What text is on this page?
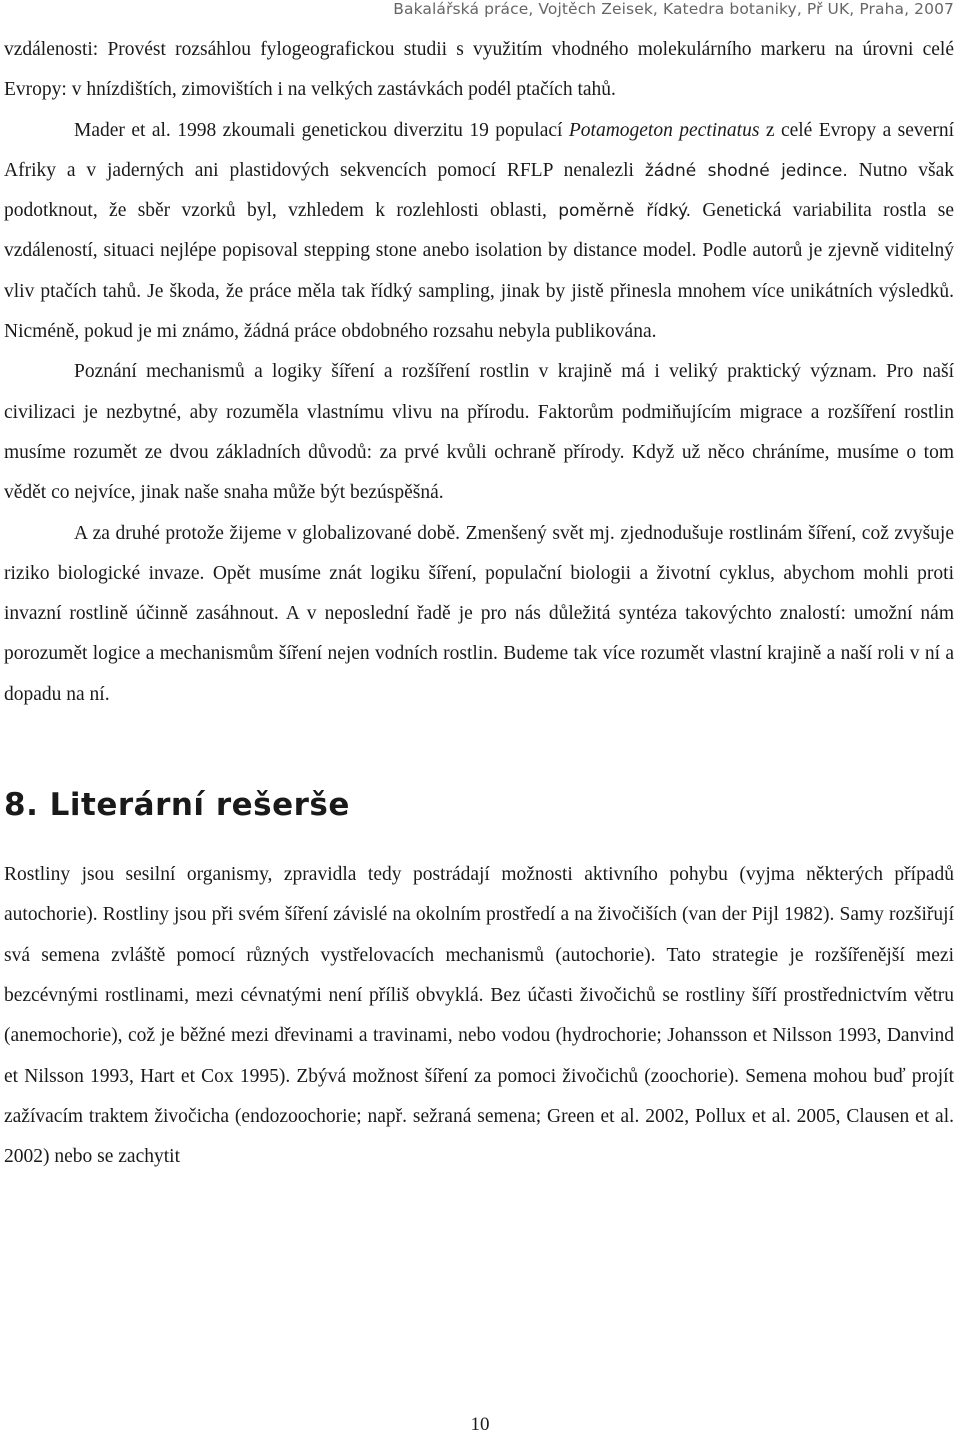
Bakalářská práce, Vojtěch Zeisek, Katedra botaniky, Př UK, Praha, 2007

vzdálenosti: Provést rozsáhlou fylogeografickou studii s využitím vhodného molekulárního markeru na úrovni celé Evropy: v hnízdištích, zimovištích i na velkých zastávkách podél ptačích tahů.

Mader et al. 1998 zkoumali genetickou diverzitu 19 populací Potamogeton pectinatus z celé Evropy a severní Afriky a v jaderných ani plastidových sekvencích pomocí RFLP nenalezli žádné shodné jedince. Nutno však podotknout, že sběr vzorků byl, vzhledem k rozlehlosti oblasti, poměrně řídký. Genetická variabilita rostla se vzdáleností, situaci nejlépe popisoval stepping stone anebo isolation by distance model. Podle autorů je zjevně viditelný vliv ptačích tahů. Je škoda, že práce měla tak řídký sampling, jinak by jistě přinesla mnohem více unikátních výsledků. Nicméně, pokud je mi známo, žádná práce obdobného rozsahu nebyla publikována.

Poznání mechanismů a logiky šíření a rozšíření rostlin v krajině má i veliký praktický význam. Pro naší civilizaci je nezbytné, aby rozuměla vlastnímu vlivu na přírodu. Faktorům podmiňujícím migrace a rozšíření rostlin musíme rozumět ze dvou základních důvodů: za prvé kvůli ochraně přírody. Když už něco chráníme, musíme o tom vědět co nejvíce, jinak naše snaha může být bezúspěšná.

A za druhé protože žijeme v globalizované době. Zmenšený svět mj. zjednodušuje rostlinám šíření, což zvyšuje riziko biologické invaze. Opět musíme znát logiku šíření, populační biologii a životní cyklus, abychom mohli proti invazní rostlině účinně zasáhnout. A v neposlední řadě je pro nás důležitá syntéza takovýchto znalostí: umožní nám porozumět logice a mechanismům šíření nejen vodních rostlin. Budeme tak více rozumět vlastní krajině a naší roli v ní a dopadu na ní.

8. Literární rešerše

Rostliny jsou sesilní organismy, zpravidla tedy postrádají možnosti aktivního pohybu (vyjma některých případů autochorie). Rostliny jsou při svém šíření závislé na okolním prostředí a na živočiších (van der Pijl 1982). Samy rozšiřují svá semena zvláště pomocí různých vystřelovacích mechanismů (autochorie). Tato strategie je rozšířenější mezi bezcévnými rostlinami, mezi cévnatými není příliš obvyklá. Bez účasti živočichů se rostliny šíří prostřednictvím větru (anemochorie), což je běžné mezi dřevinami a travinami, nebo vodou (hydrochorie; Johansson et Nilsson 1993, Danvind et Nilsson 1993, Hart et Cox 1995). Zbývá možnost šíření za pomoci živočichů (zoochorie). Semena mohou buď projít zažívacím traktem živočicha (endozoochorie; např. sežraná semena; Green et al. 2002, Pollux et al. 2005, Clausen et al. 2002) nebo se zachytit

10
